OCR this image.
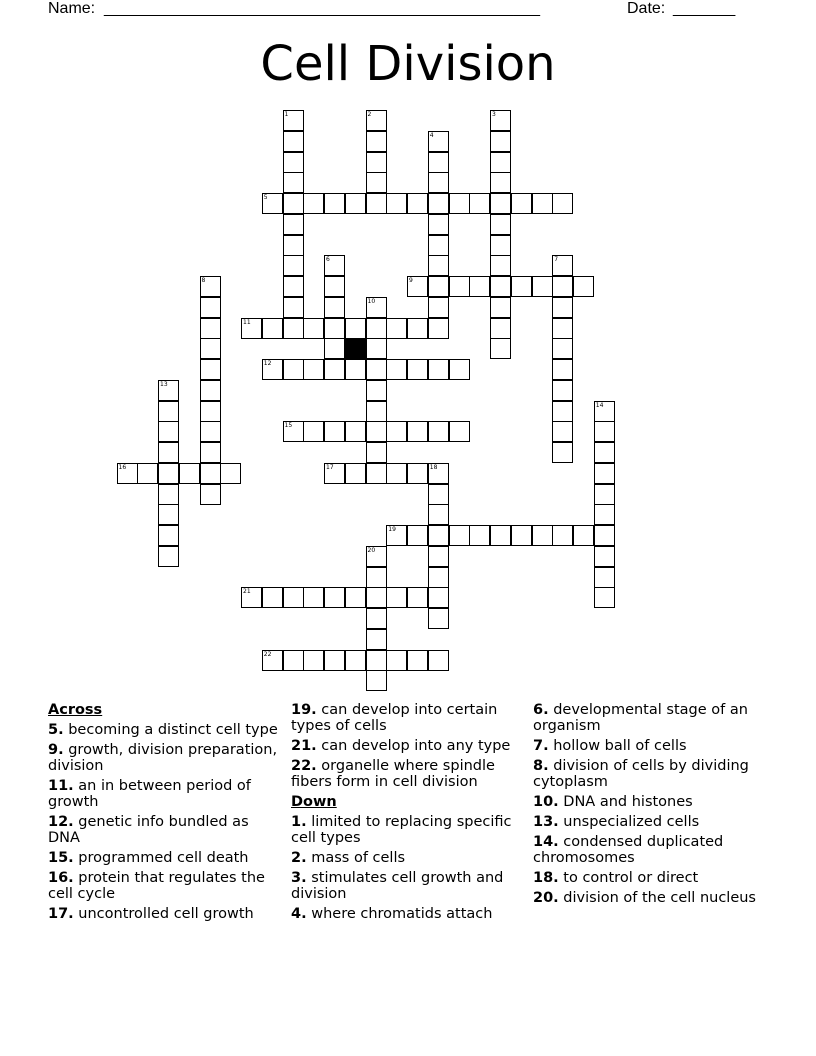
Name: _________________________________________________	Date: _______
Cell Division
1	2	3
4
5
6	7
8	9
10
11
12
13
14
15
16	17	18
19
20
21
22
Across
5. becoming a distinct cell type
9. growth, division preparation, division
11. an in between period of growth
12. genetic info bundled as DNA
15. programmed cell death
16. protein that regulates the cell cycle
17. uncontrolled cell growth
19. can develop into certain types of cells
21. can develop into any type
22. organelle where spindle fibers form in cell division
Down
1. limited to replacing specific cell types
2. mass of cells
3. stimulates cell growth and division
4. where chromatids attach
6. developmental stage of an organism
7. hollow ball of cells
8. division of cells by dividing cytoplasm
10. DNA and histones
13. unspecialized cells
14. condensed duplicated chromosomes
18. to control or direct
20. division of the cell nucleus
